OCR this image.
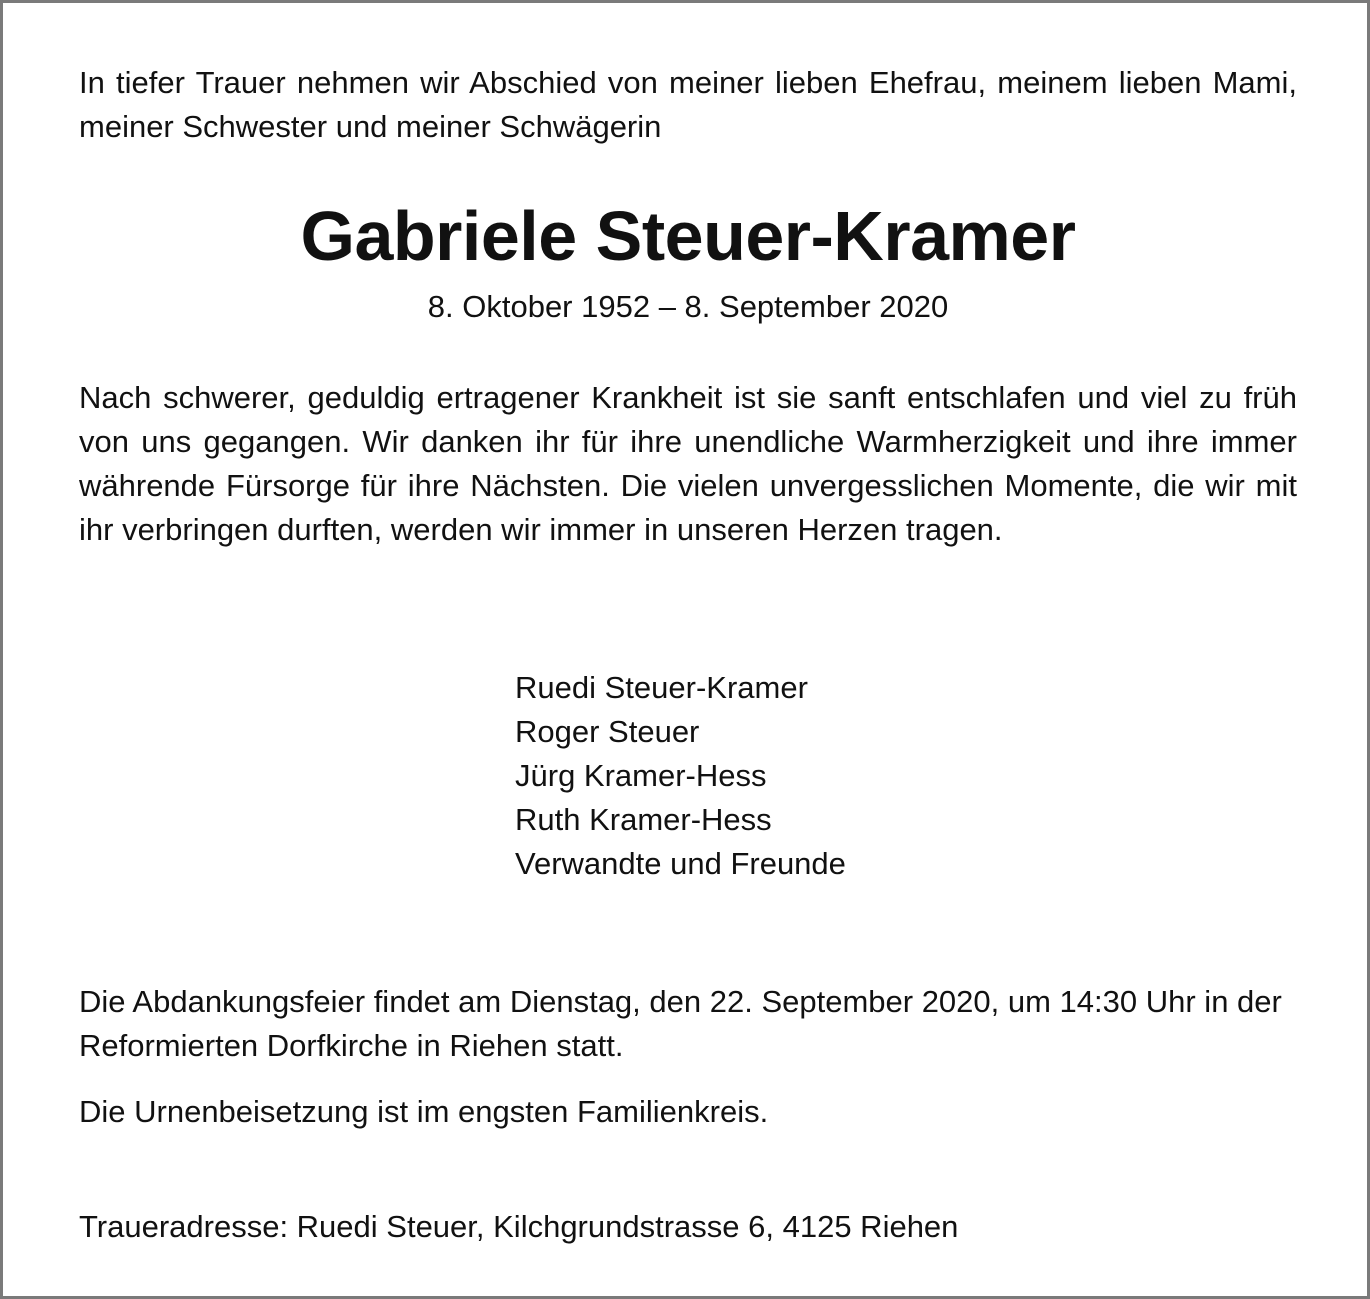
In tiefer Trauer nehmen wir Abschied von meiner lieben Ehefrau, meinem lieben Mami, meiner Schwester und meiner Schwägerin

Gabriele Steuer-Kramer

8. Oktober 1952 – 8. September 2020

Nach schwerer, geduldig ertragener Krankheit ist sie sanft entschlafen und viel zu früh von uns gegangen. Wir danken ihr für ihre unendliche Warmherzigkeit und ihre immer währende Fürsorge für ihre Nächsten. Die vielen unvergesslichen Momente, die wir mit ihr verbringen durften, werden wir immer in unseren Herzen tragen.

Ruedi Steuer-Kramer
Roger Steuer
Jürg Kramer-Hess
Ruth Kramer-Hess
Verwandte und Freunde

Die Abdankungsfeier findet am Dienstag, den 22. September 2020, um 14:30 Uhr in der Reformierten Dorfkirche in Riehen statt.

Die Urnenbeisetzung ist im engsten Familienkreis.

Traueradresse: Ruedi Steuer, Kilchgrundstrasse 6, 4125 Riehen
